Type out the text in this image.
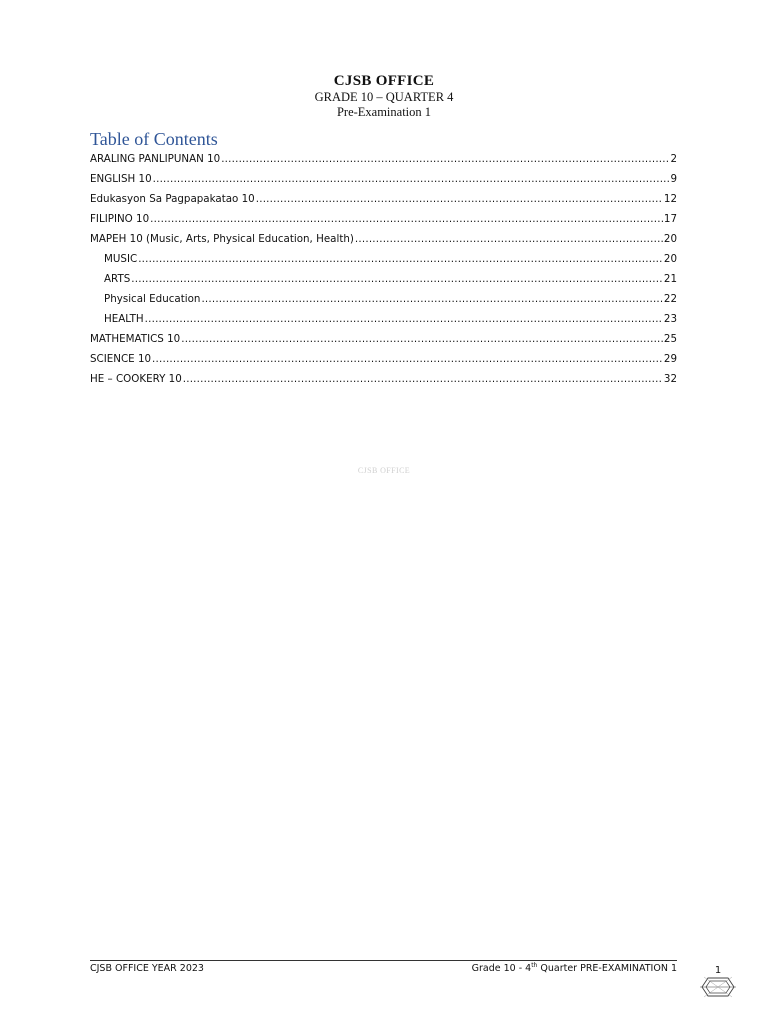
CJSB OFFICE
GRADE 10 – QUARTER 4
Pre-Examination 1
Table of Contents
ARALING PANLIPUNAN 10 .....	2
ENGLISH 10 .....	9
Edukasyon Sa Pagpapakatao 10 .....	12
FILIPINO 10 .....	17
MAPEH 10 (Music, Arts, Physical Education, Health) .....	20
MUSIC .....	20
ARTS .....	21
Physical Education .....	22
HEALTH .....	23
MATHEMATICS 10 .....	25
SCIENCE 10 .....	29
HE – COOKERY 10 .....	32
CJSB OFFICE
CJSB OFFICE YEAR 2023	Grade 10 - 4th Quarter PRE-EXAMINATION 1	1
